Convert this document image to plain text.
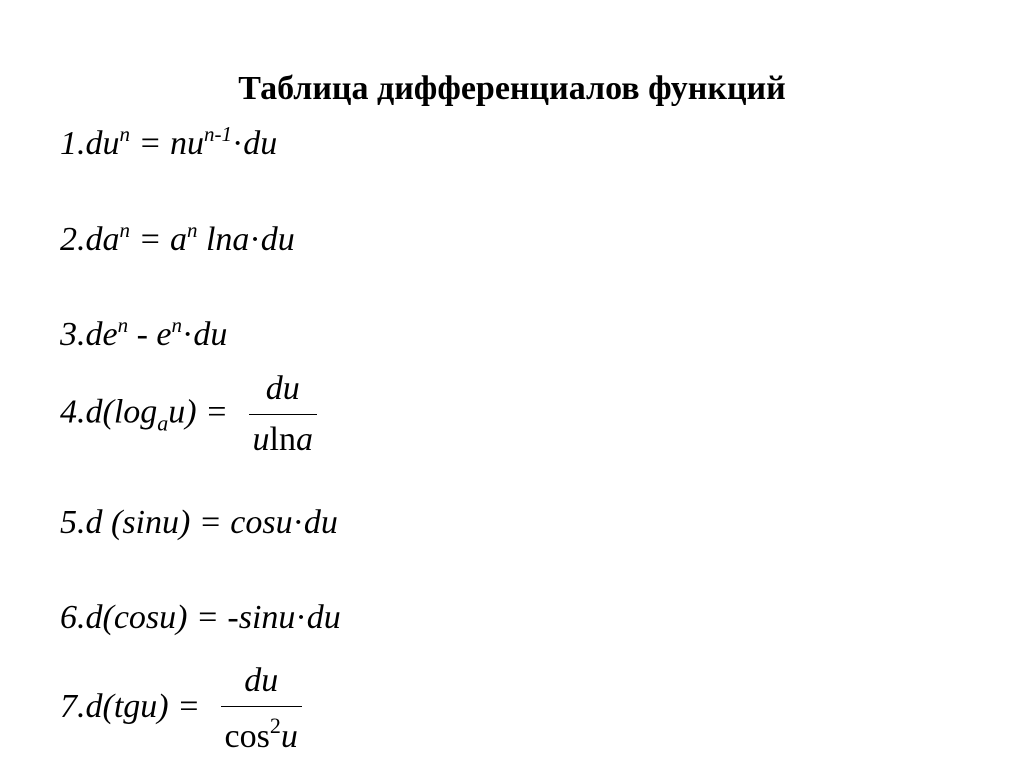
Таблица дифференциалов функций
$1.du^n = nu^{n-1}\cdot du$
$2.da^n = a^n$ lna·du
$3.de^n - e^n\cdot du$
$4.d(\log_au) = \frac{du}{ulna}$
5.d (sinu) = cosu·du
6.d(cosu) = -sinu·du
$7.d(tgu) = \frac{du}{\cos^2u}$
